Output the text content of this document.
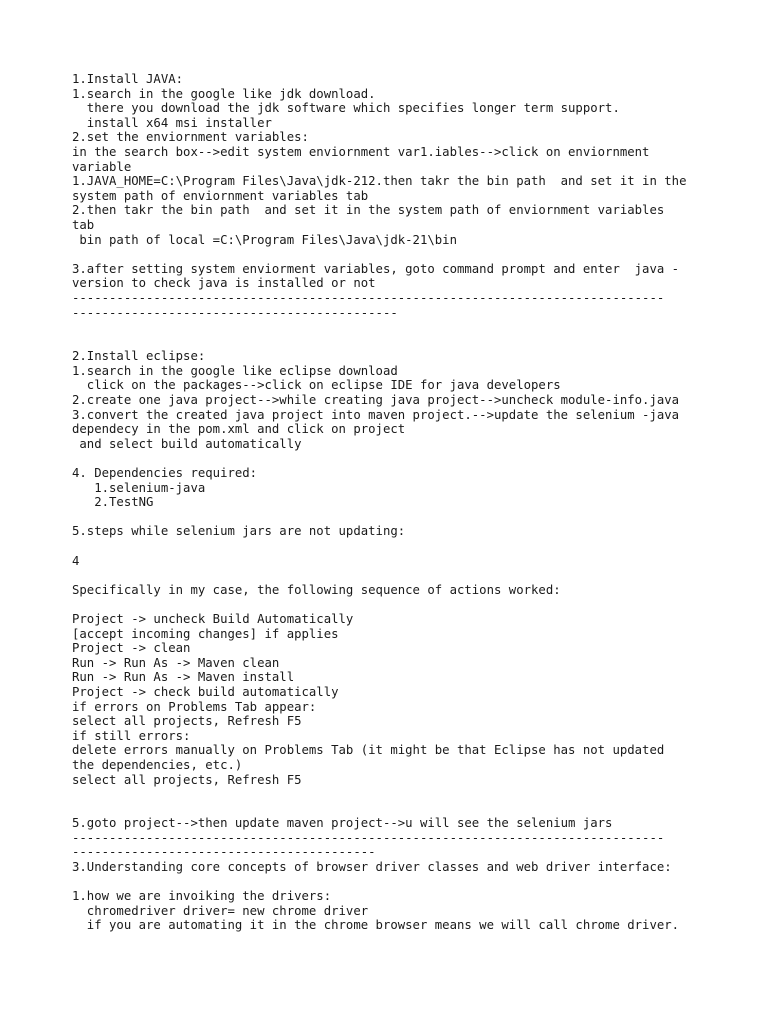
1.Install JAVA:
1.search in the google like jdk download.
there you download the jdk software which specifies longer term support.
install x64 msi installer
2.set the enviornment variables:
in the search box-->edit system enviornment var1.iables-->click on enviornment
variable
1.JAVA_HOME=C:\Program Files\Java\jdk-212.then takr the bin path  and set it in the
system path of enviornment variables tab
2.then takr the bin path  and set it in the system path of enviornment variables
tab
bin path of local =C:\Program Files\Java\jdk-21\bin
3.after setting system enviorment variables, goto command prompt and enter  java -
version to check java is installed or not
--------------------------------------------------------------------------------
--------------------------------------------
2.Install eclipse:
1.search in the google like eclipse download
click on the packages-->click on eclipse IDE for java developers
2.create one java project-->while creating java project-->uncheck module-info.java
3.convert the created java project into maven project.-->update the selenium -java
dependecy in the pom.xml and click on project
and select build automatically
4. Dependencies required:
1.selenium-java
2.TestNG
5.steps while selenium jars are not updating:
4
Specifically in my case, the following sequence of actions worked:
Project -> uncheck Build Automatically
[accept incoming changes] if applies
Project -> clean
Run -> Run As -> Maven clean
Run -> Run As -> Maven install
Project -> check build automatically
if errors on Problems Tab appear:
select all projects, Refresh F5
if still errors:
delete errors manually on Problems Tab (it might be that Eclipse has not updated
the dependencies, etc.)
select all projects, Refresh F5
5.goto project-->then update maven project-->u will see the selenium jars
--------------------------------------------------------------------------------
-----------------------------------------
3.Understanding core concepts of browser driver classes and web driver interface:
1.how we are invoiking the drivers:
chromedriver driver= new chrome driver
if you are automating it in the chrome browser means we will call chrome driver.
